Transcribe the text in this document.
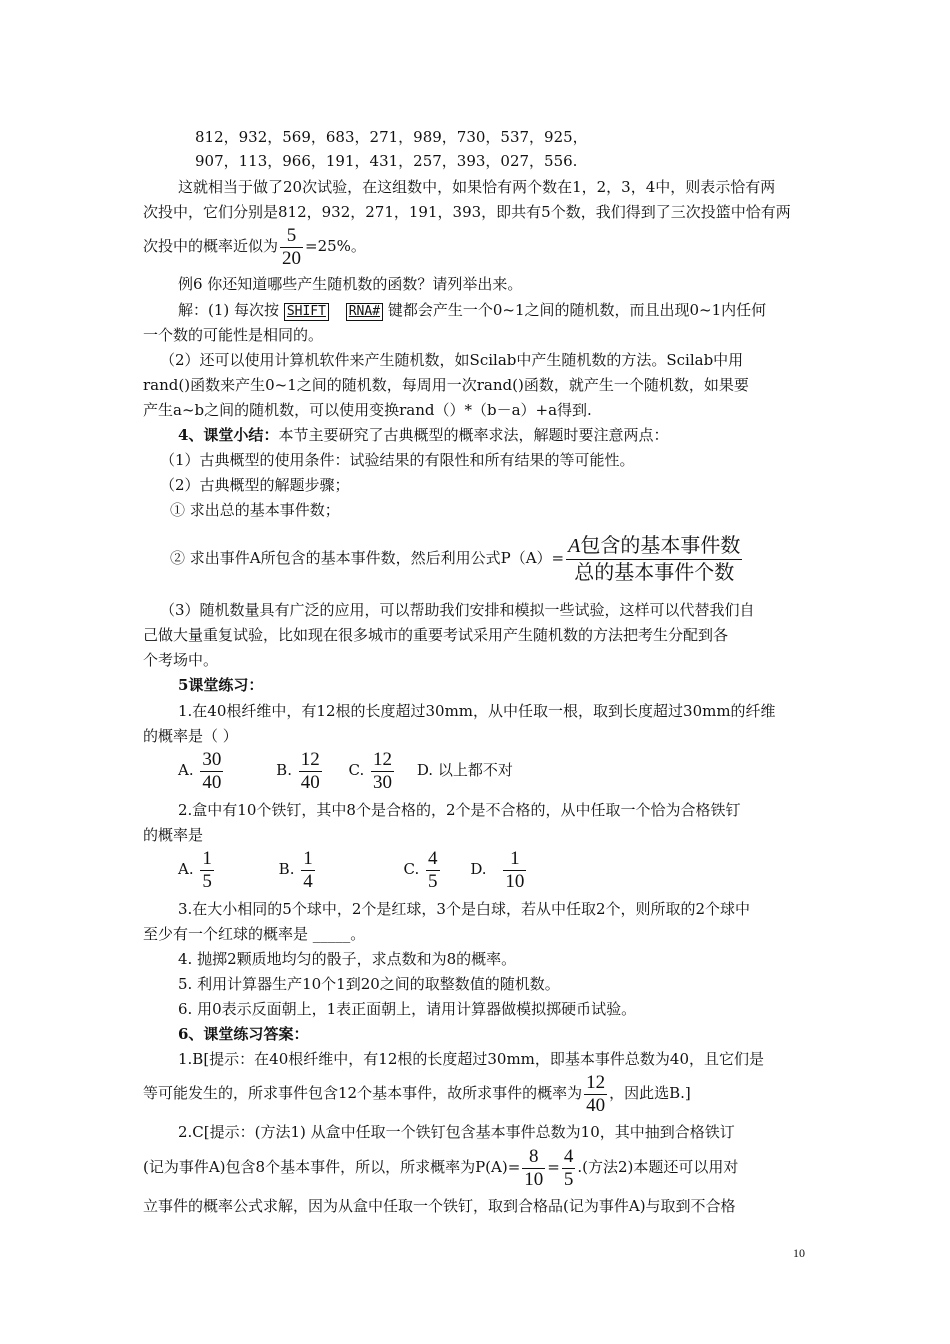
812，932，569，683，271，989，730，537，925，
907，113，966，191，431，257，393，027，556.
这就相当于做了20次试验，在这组数中，如果恰有两个数在1，2，3，4中，则表示恰有两
次投中，它们分别是812，932，271，191，393，即共有5个数，我们得到了三次投篮中恰有两
次投中的概率近似为 $\frac{5}{20} =25\%$。
例6 你还知道哪些产生随机数的函数？请列举出来。
解：(1) 每次按 SHIFT RNA# 键都会产生一个0~1之间的随机数，而且出现0~1内任何
一个数的可能性是相同的。
（2）还可以使用计算机软件来产生随机数，如Scilab中产生随机数的方法。Scilab中用
rand()函数来产生0~1之间的随机数，每周用一次rand()函数，就产生一个随机数，如果要
产生a~b之间的随机数，可以使用变换rand（）*（b－a）+a得到.
4、课堂小结：本节主要研究了古典概型的概率求法，解题时要注意两点：
（1）古典概型的使用条件：试验结果的有限性和所有结果的等可能性。
（2）古典概型的解题步骤；
① 求出总的基本事件数；
② 求出事件A所包含的基本事件数，然后利用公式$P(A)= \frac{\text{A包含的基本事件数}}{\text{总的基本事件个数}}$
（3）随机数量具有广泛的应用，可以帮助我们安排和模拟一些试验，这样可以代替我们自
己做大量重复试验，比如现在很多城市的重要考试采用产生随机数的方法把考生分配到各
个考场中。
5课堂练习：
1.在40根纤维中，有12根的长度超过30mm，从中任取一根，取到长度超过30mm的纤维
的概率是（ ）
A. $\frac{30}{40}$	B. $\frac{12}{40} C$. $\frac{12}{30} D$. 以上都不对
2.盒中有10个铁钉，其中8个是合格的，2个是不合格的，从中任取一个恰为合格铁钉
的概率是
A. $\frac{1}{5}$	B. $\frac{1}{4}$	C. $\frac{4}{5} D$. $\frac{1}{10}$
3.在大小相同的5个球中，2个是红球，3个是白球，若从中任取2个，则所取的2个球中
至少有一个红球的概率是 _____。
4. 抛掷2颗质地均匀的骰子，求点数和为8的概率。
5. 利用计算器生产10个1到20之间的取整数值的随机数。
6. 用0表示反面朝上，1表正面朝上，请用计算器做模拟掷硬币试验。
6、课堂练习答案：
1.B[提示：在40根纤维中，有12根的长度超过30mm，即基本事件总数为40，且它们是
等可能发生的，所求事件包含12个基本事件，故所求事件的概率为 $\frac{12}{40}$ ，因此选B.]
2.C[提示：(方法1) 从盒中任取一个铁钉包含基本事件总数为10，其中抽到合格铁订
(记为事件A)包含8个基本事件，所以，所求概率为$P(A)= \frac{8}{10} = \frac{4}{5}$ .(方法2)本题还可以用对
立事件的概率公式求解，因为从盒中任取一个铁钉，取到合格品(记为事件A)与取到不合格
10
